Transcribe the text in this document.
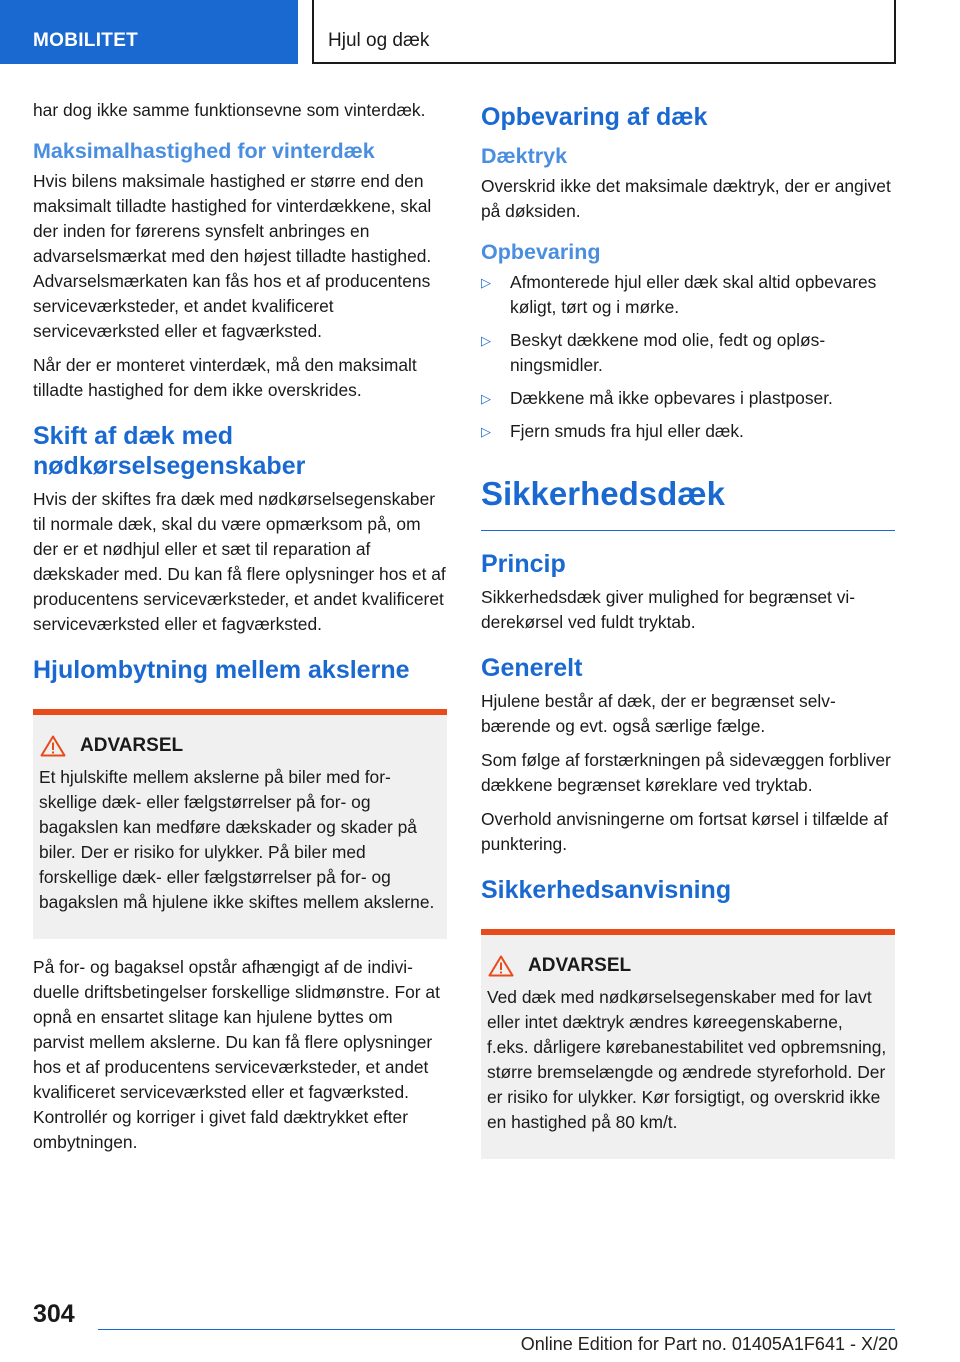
MOBILITET	Hjul og dæk

har dog ikke samme funktionsevne som vinterdæk.

Maksimalhastighed for vinterdæk

Hvis bilens maksimale hastighed er større end den maksimalt tilladte hastighed for vinterdækkene, skal der inden for førerens synsfelt anbringes en advarselsmærkat med den højest tilladte hastighed. Advarselsmærkaten kan fås hos et af producentens serviceværksteder, et andet kvalificeret serviceværksted eller et fagværksted.

Når der er monteret vinterdæk, må den maksimalt tilladte hastighed for dem ikke overskrides.

Skift af dæk med nødkørselsegenskaber

Hvis der skiftes fra dæk med nødkørselsegenskaber til normale dæk, skal du være opmærksom på, om der er et nødhjul eller et sæt til reparation af dækskader med. Du kan få flere oplysninger hos et af producentens serviceværksteder, et andet kvalificeret serviceværksted eller et fagværksted.

Hjulombytning mellem akslerne
ADVARSEL

Et hjulskifte mellem akslerne på biler med forskellige dæk- eller fælgstørrelser på for- og bagakslen kan medføre dækskader og skader på biler. Der er risiko for ulykker. På biler med forskellige dæk- eller fælgstørrelser på for- og bagakslen må hjulene ikke skiftes mellem akslerne.

På for- og bagaksel opstår afhængigt af de individuelle driftsbetingelser forskellige slidmønstre. For at opnå en ensartet slitage kan hjulene byttes om parvist mellem akslerne. Du kan få flere oplysninger hos et af producentens serviceværksteder, et andet kvalificeret serviceværksted eller et fagværksted. Kontrollér og korriger i givet fald dæktrykket efter ombytningen.

Opbevaring af dæk
Dæktryk

Overskrid ikke det maksimale dæktryk, der er angivet på døksiden.

Opbevaring
▷ Afmonterede hjul eller dæk skal altid opbevares køligt, tørt og i mørke.
▷ Beskyt dækkene mod olie, fedt og opløsningsmidler.
▷ Dækkene må ikke opbevares i plastposer.
▷ Fjern smuds fra hjul eller dæk.
Sikkerhedsdæk
Princip

Sikkerhedsdæk giver mulighed for begrænset viderekørsel ved fuldt tryktab.

Generelt

Hjulene består af dæk, der er begrænset selvbærende og evt. også særlige fælge.

Som følge af forstærkningen på sidevæggen forbliver dækkene begrænset køreklare ved tryktab.

Overhold anvisningerne om fortsat kørsel i tilfælde af punktering.

Sikkerhedsanvisning
ADVARSEL

Ved dæk med nødkørselsegenskaber med for lavt eller intet dæktryk ændres køreegenskaberne, f.eks. dårligere kørebanestabilitet ved opbremsning, større bremselængde og ændrede styreforhold. Der er risiko for ulykker. Kør forsigtigt, og overskrid ikke en hastighed på 80 km/t.

304
Online Edition for Part no. 01405A1F641 - X/20
